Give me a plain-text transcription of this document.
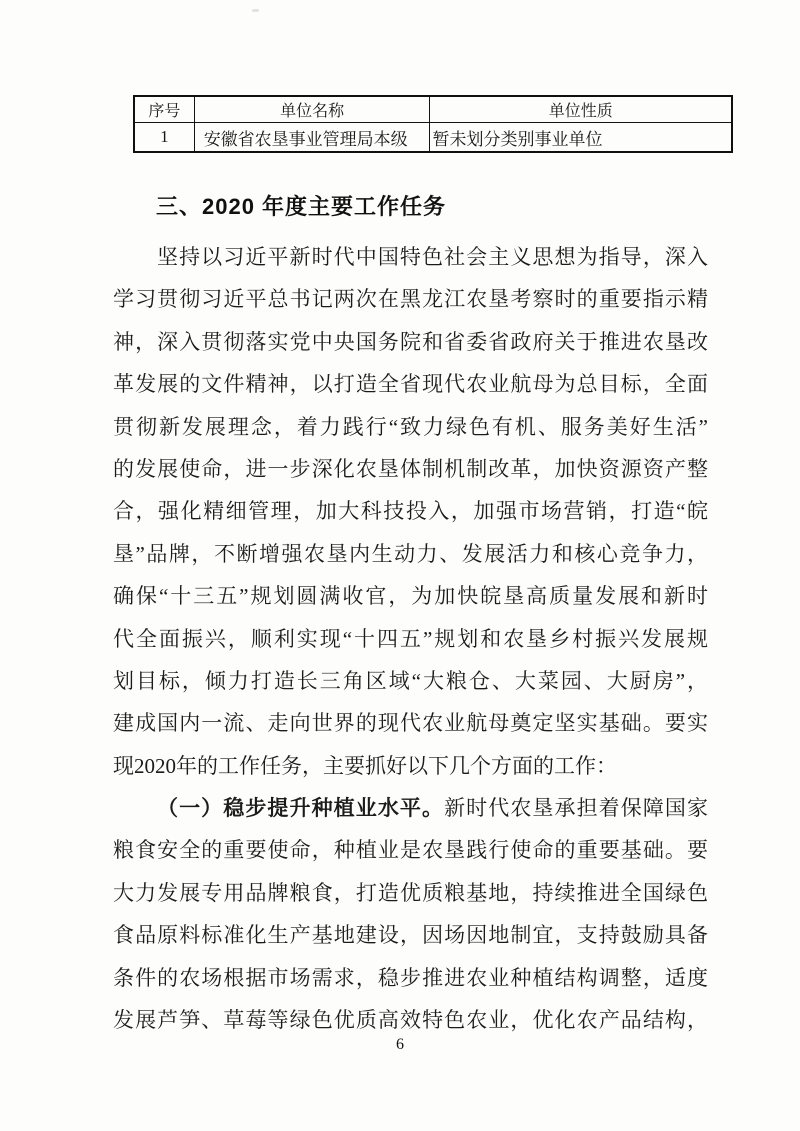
序号	单位名称	单位性质
1	安徽省农垦事业管理局本级	暂未划分类别事业单位
三、2020 年度主要工作任务
坚持以习近平新时代中国特色社会主义思想为指导，深入
学习贯彻习近平总书记两次在黑龙江农垦考察时的重要指示精
神，深入贯彻落实党中央国务院和省委省政府关于推进农垦改
革发展的文件精神，以打造全省现代农业航母为总目标，全面
贯彻新发展理念，着力践行“致力绿色有机、服务美好生活”
的发展使命，进一步深化农垦体制机制改革，加快资源资产整
合，强化精细管理，加大科技投入，加强市场营销，打造“皖
垦”品牌，不断增强农垦内生动力、发展活力和核心竞争力，
确保“十三五”规划圆满收官，为加快皖垦高质量发展和新时
代全面振兴，顺利实现“十四五”规划和农垦乡村振兴发展规
划目标，倾力打造长三角区域“大粮仓、大菜园、大厨房”，
建成国内一流、走向世界的现代农业航母奠定坚实基础。要实
现2020年的工作任务，主要抓好以下几个方面的工作：
（一）稳步提升种植业水平。新时代农垦承担着保障国家
粮食安全的重要使命，种植业是农垦践行使命的重要基础。要
大力发展专用品牌粮食，打造优质粮基地，持续推进全国绿色
食品原料标准化生产基地建设，因场因地制宜，支持鼓励具备
条件的农场根据市场需求，稳步推进农业种植结构调整，适度
发展芦笋、草莓等绿色优质高效特色农业，优化农产品结构，
6
